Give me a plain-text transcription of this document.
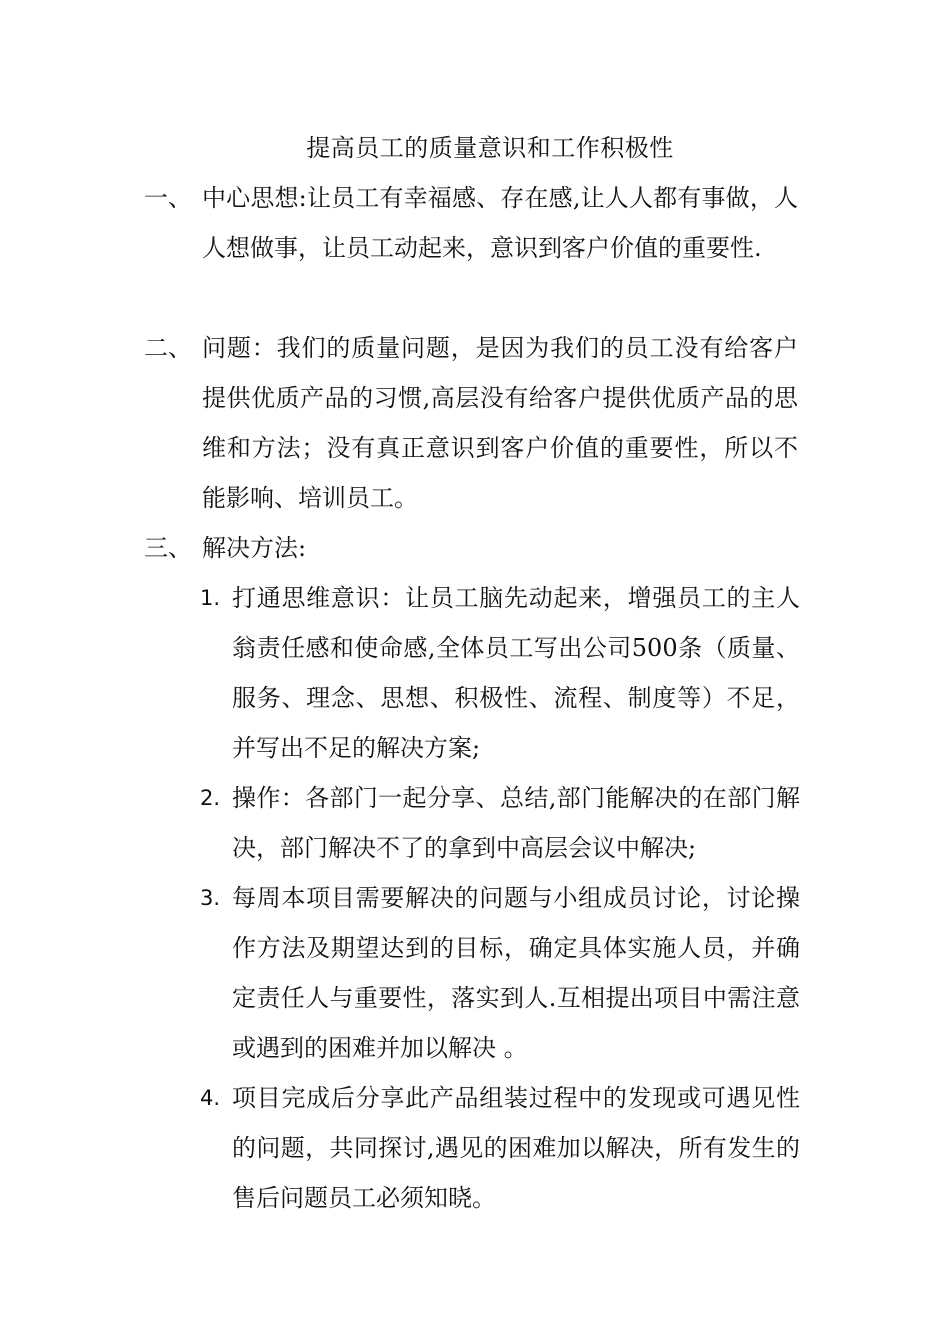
提高员工的质量意识和工作积极性
一、 中心思想:让员工有幸福感、存在感,让人人都有事做，人人想做事，让员工动起来，意识到客户价值的重要性.
二、 问题：我们的质量问题，是因为我们的员工没有给客户提供优质产品的习惯,高层没有给客户提供优质产品的思维和方法；没有真正意识到客户价值的重要性，所以不能影响、培训员工。
三、 解决方法:
1. 打通思维意识：让员工脑先动起来，增强员工的主人翁责任感和使命感,全体员工写出公司500条（质量、服务、理念、思想、积极性、流程、制度等）不足，并写出不足的解决方案;
2. 操作：各部门一起分享、总结,部门能解决的在部门解决，部门解决不了的拿到中高层会议中解决;
3. 每周本项目需要解决的问题与小组成员讨论，讨论操作方法及期望达到的目标，确定具体实施人员，并确定责任人与重要性，落实到人.互相提出项目中需注意或遇到的困难并加以解决 。
4. 项目完成后分享此产品组装过程中的发现或可遇见性的问题，共同探讨,遇见的困难加以解决，所有发生的售后问题员工必须知晓。
